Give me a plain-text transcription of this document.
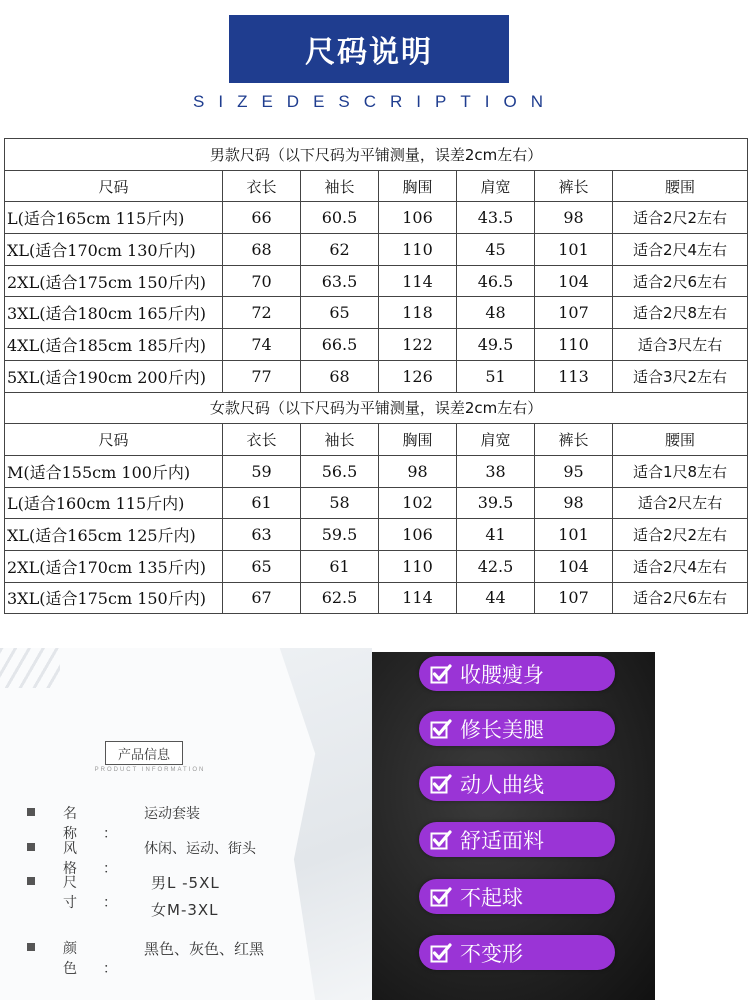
尺码说明
SIZEDESCRIPTION
男款尺码（以下尺码为平铺测量，误差2cm左右）						
尺码	衣长	袖长	胸围	肩宽	裤长	腰围
L(适合165cm 115斤内)	66	60.5	106	43.5	98	适合2尺2左右
XL(适合170cm 130斤内)	68	62	110	45	101	适合2尺4左右
2XL(适合175cm 150斤内)	70	63.5	114	46.5	104	适合2尺6左右
3XL(适合180cm 165斤内)	72	65	118	48	107	适合2尺8左右
4XL(适合185cm 185斤内)	74	66.5	122	49.5	110	适合3尺左右
5XL(适合190cm 200斤内)	77	68	126	51	113	适合3尺2左右
女款尺码（以下尺码为平铺测量，误差2cm左右）						
尺码	衣长	袖长	胸围	肩宽	裤长	腰围
M(适合155cm 100斤内)	59	56.5	98	38	95	适合1尺8左右
L(适合160cm 115斤内)	61	58	102	39.5	98	适合2尺左右
XL(适合165cm 125斤内)	63	59.5	106	41	101	适合2尺2左右
2XL(适合170cm 135斤内)	65	61	110	42.5	104	适合2尺4左右
3XL(适合175cm 150斤内)	67	62.5	114	44	107	适合2尺6左右
产品信息
PRODUCT INFORMATION
名称：
运动套装
风格：
休闲、运动、街头
尺寸：
男L -5XL
女M-3XL
颜色：
黑色、灰色、红黑
收腰瘦身
修长美腿
动人曲线
舒适面料
不起球
不变形
